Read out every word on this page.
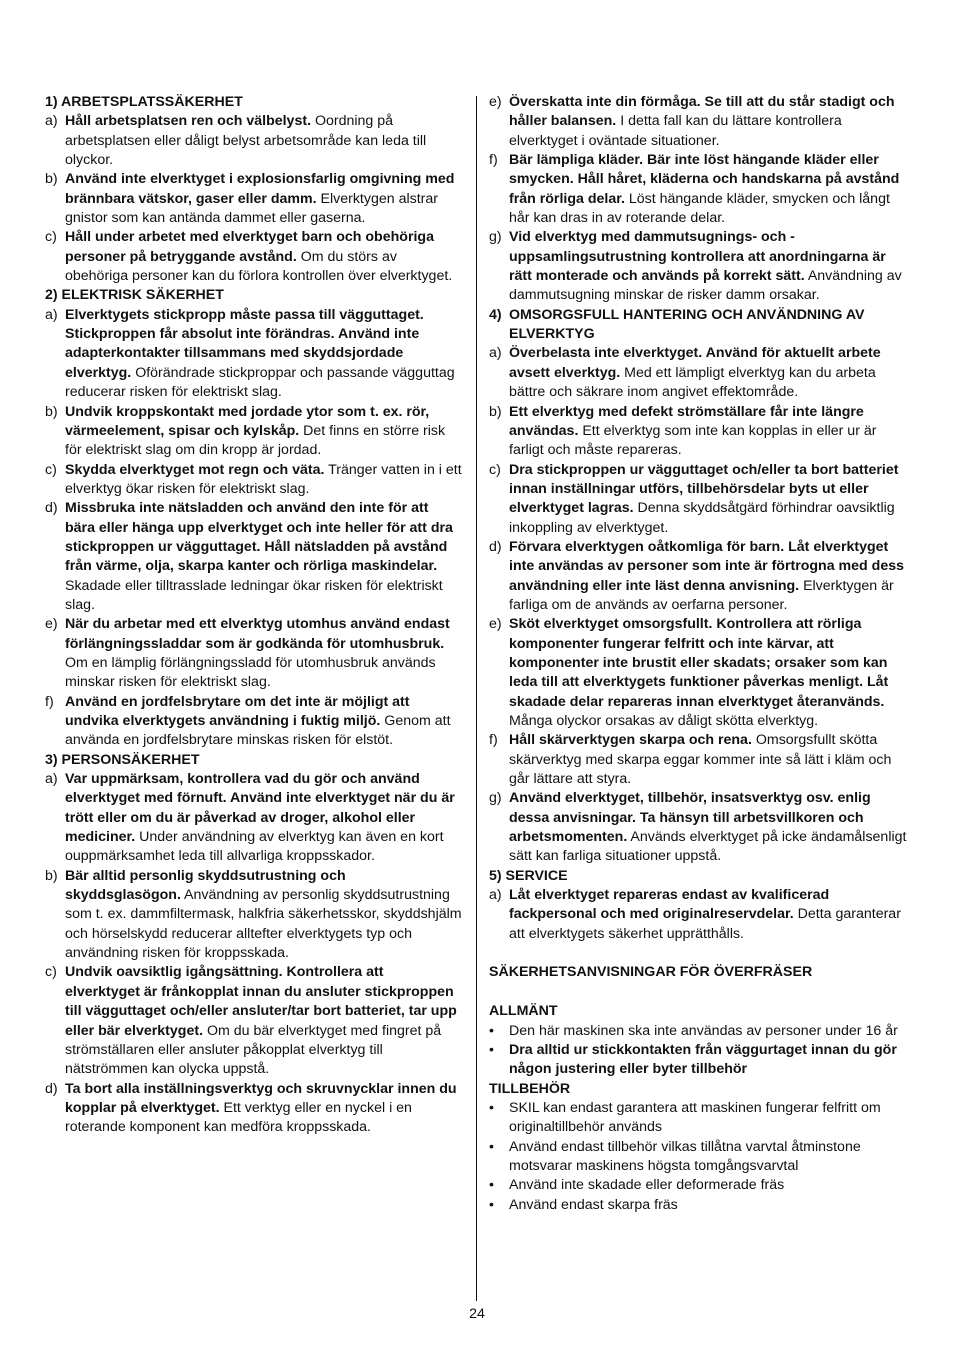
1) ARBETSPLATSSÄKERHET
a) Håll arbetsplatsen ren och välbelyst. Oordning på arbetsplatsen eller dåligt belyst arbetsområde kan leda till olyckor.
b) Använd inte elverktyget i explosionsfarlig omgivning med brännbara vätskor, gaser eller damm. Elverktygen alstrar gnistor som kan antända dammet eller gaserna.
c) Håll under arbetet med elverktyget barn och obehöriga personer på betryggande avstånd. Om du störs av obehöriga personer kan du förlora kontrollen över elverktyget.
2) ELEKTRISK SÄKERHET
a) Elverktygets stickpropp måste passa till vägguttaget. Stickproppen får absolut inte förändras. Använd inte adapterkontakter tillsammans med skyddsjordade elverktyg. Oförändrade stickproppar och passande vägguttag reducerar risken för elektriskt slag.
b) Undvik kroppskontakt med jordade ytor som t. ex. rör, värmeelement, spisar och kylskåp. Det finns en större risk för elektriskt slag om din kropp är jordad.
c) Skydda elverktyget mot regn och väta. Tränger vatten in i ett elverktyg ökar risken för elektriskt slag.
d) Missbruka inte nätsladden och använd den inte för att bära eller hänga upp elverktyget och inte heller för att dra stickproppen ur vägguttaget. Håll nätsladden på avstånd från värme, olja, skarpa kanter och rörliga maskindelar. Skadade eller tilltrasslade ledningar ökar risken för elektriskt slag.
e) När du arbetar med ett elverktyg utomhus använd endast förlängningssladdar som är godkända för utomhusbruk. Om en lämplig förlängningssladd för utomhusbruk används minskar risken för elektriskt slag.
f) Använd en jordfelsbrytare om det inte är möjligt att undvika elverktygets användning i fuktig miljö. Genom att använda en jordfelsbrytare minskas risken för elstöt.
3) PERSONSÄKERHET
a) Var uppmärksam, kontrollera vad du gör och använd elverktyget med förnuft. Använd inte elverktyget när du är trött eller om du är påverkad av droger, alkohol eller mediciner. Under användning av elverktyg kan även en kort ouppmärksamhet leda till allvarliga kroppsskador.
b) Bär alltid personlig skyddsutrustning och skyddsglasögon. Användning av personlig skyddsutrustning som t. ex. dammfiltermask, halkfria säkerhetsskor, skyddshjälm och hörselskydd reducerar alltefter elverktygets typ och användning risken för kroppsskada.
c) Undvik oavsiktlig igångsättning. Kontrollera att elverktyget är frånkopplat innan du ansluter stickproppen till vägguttaget och/eller ansluter/tar bort batteriet, tar upp eller bär elverktyget. Om du bär elverktyget med fingret på strömställaren eller ansluter påkopplat elverktyg till nätströmmen kan olycka uppstå.
d) Ta bort alla inställningsverktyg och skruvnycklar innen du kopplar på elverktyget. Ett verktyg eller en nyckel i en roterande komponent kan medföra kroppsskada.
e) Överskatta inte din förmåga. Se till att du står stadigt och håller balansen. I detta fall kan du lättare kontrollera elverktyget i oväntade situationer.
f) Bär lämpliga kläder. Bär inte löst hängande kläder eller smycken. Håll håret, kläderna och handskarna på avstånd från rörliga delar. Löst hängande kläder, smycken och långt hår kan dras in av roterande delar.
g) Vid elverktyg med dammutsugnings- och -uppsamlingsutrustning kontrollera att anordningarna är rätt monterade och används på korrekt sätt. Användning av dammutsugning minskar de risker damm orsakar.
4) OMSORGSFULL HANTERING OCH ANVÄNDNING AV ELVERKTYG
a) Överbelasta inte elverktyget. Använd för aktuellt arbete avsett elverktyg. Med ett lämpligt elverktyg kan du arbeta bättre och säkrare inom angivet effektområde.
b) Ett elverktyg med defekt strömställare får inte längre användas. Ett elverktyg som inte kan kopplas in eller ur är farligt och måste repareras.
c) Dra stickproppen ur vägguttaget och/eller ta bort batteriet innan inställningar utförs, tillbehörsdelar byts ut eller elverktyget lagras. Denna skyddsåtgärd förhindrar oavsiktlig inkoppling av elverktyget.
d) Förvara elverktygen oåtkomliga för barn. Låt elverktyget inte användas av personer som inte är förtrogna med dess användning eller inte läst denna anvisning. Elverktygen är farliga om de används av oerfarna personer.
e) Sköt elverktyget omsorgsfullt. Kontrollera att rörliga komponenter fungerar felfritt och inte kärvar, att komponenter inte brustit eller skadats; orsaker som kan leda till att elverktygets funktioner påverkas menligt. Låt skadade delar repareras innan elverktyget återanvänds. Många olyckor orsakas av dåligt skötta elverktyg.
f) Håll skärverktygen skarpa och rena. Omsorgsfullt skötta skärverktyg med skarpa eggar kommer inte så lätt i kläm och går lättare att styra.
g) Använd elverktyget, tillbehör, insatsverktyg osv. enlig dessa anvisningar. Ta hänsyn till arbetsvillkoren och arbetsmomenten. Används elverktyget på icke ändamålsenligt sätt kan farliga situationer uppstå.
5) SERVICE
a) Låt elverktyget repareras endast av kvalificerad fackpersonal och med originalreservdelar. Detta garanterar att elverktygets säkerhet upprätthålls.
SÄKERHETSANVISNINGAR FÖR ÖVERFRÄSER
ALLMÄNT
•	Den här maskinen ska inte användas av personer under 16 år
•	Dra alltid ur stickkontakten från väggurtaget innan du gör någon justering eller byter tillbehör
TILLBEHÖR
•	SKIL kan endast garantera att maskinen fungerar felfritt om originaltillbehör används
•	Använd endast tillbehör vilkas tillåtna varvtal åtminstone motsvarar maskinens högsta tomgångsvarvtal
•	Använd inte skadade eller deformerade fräs
•	Använd endast skarpa fräs
24
